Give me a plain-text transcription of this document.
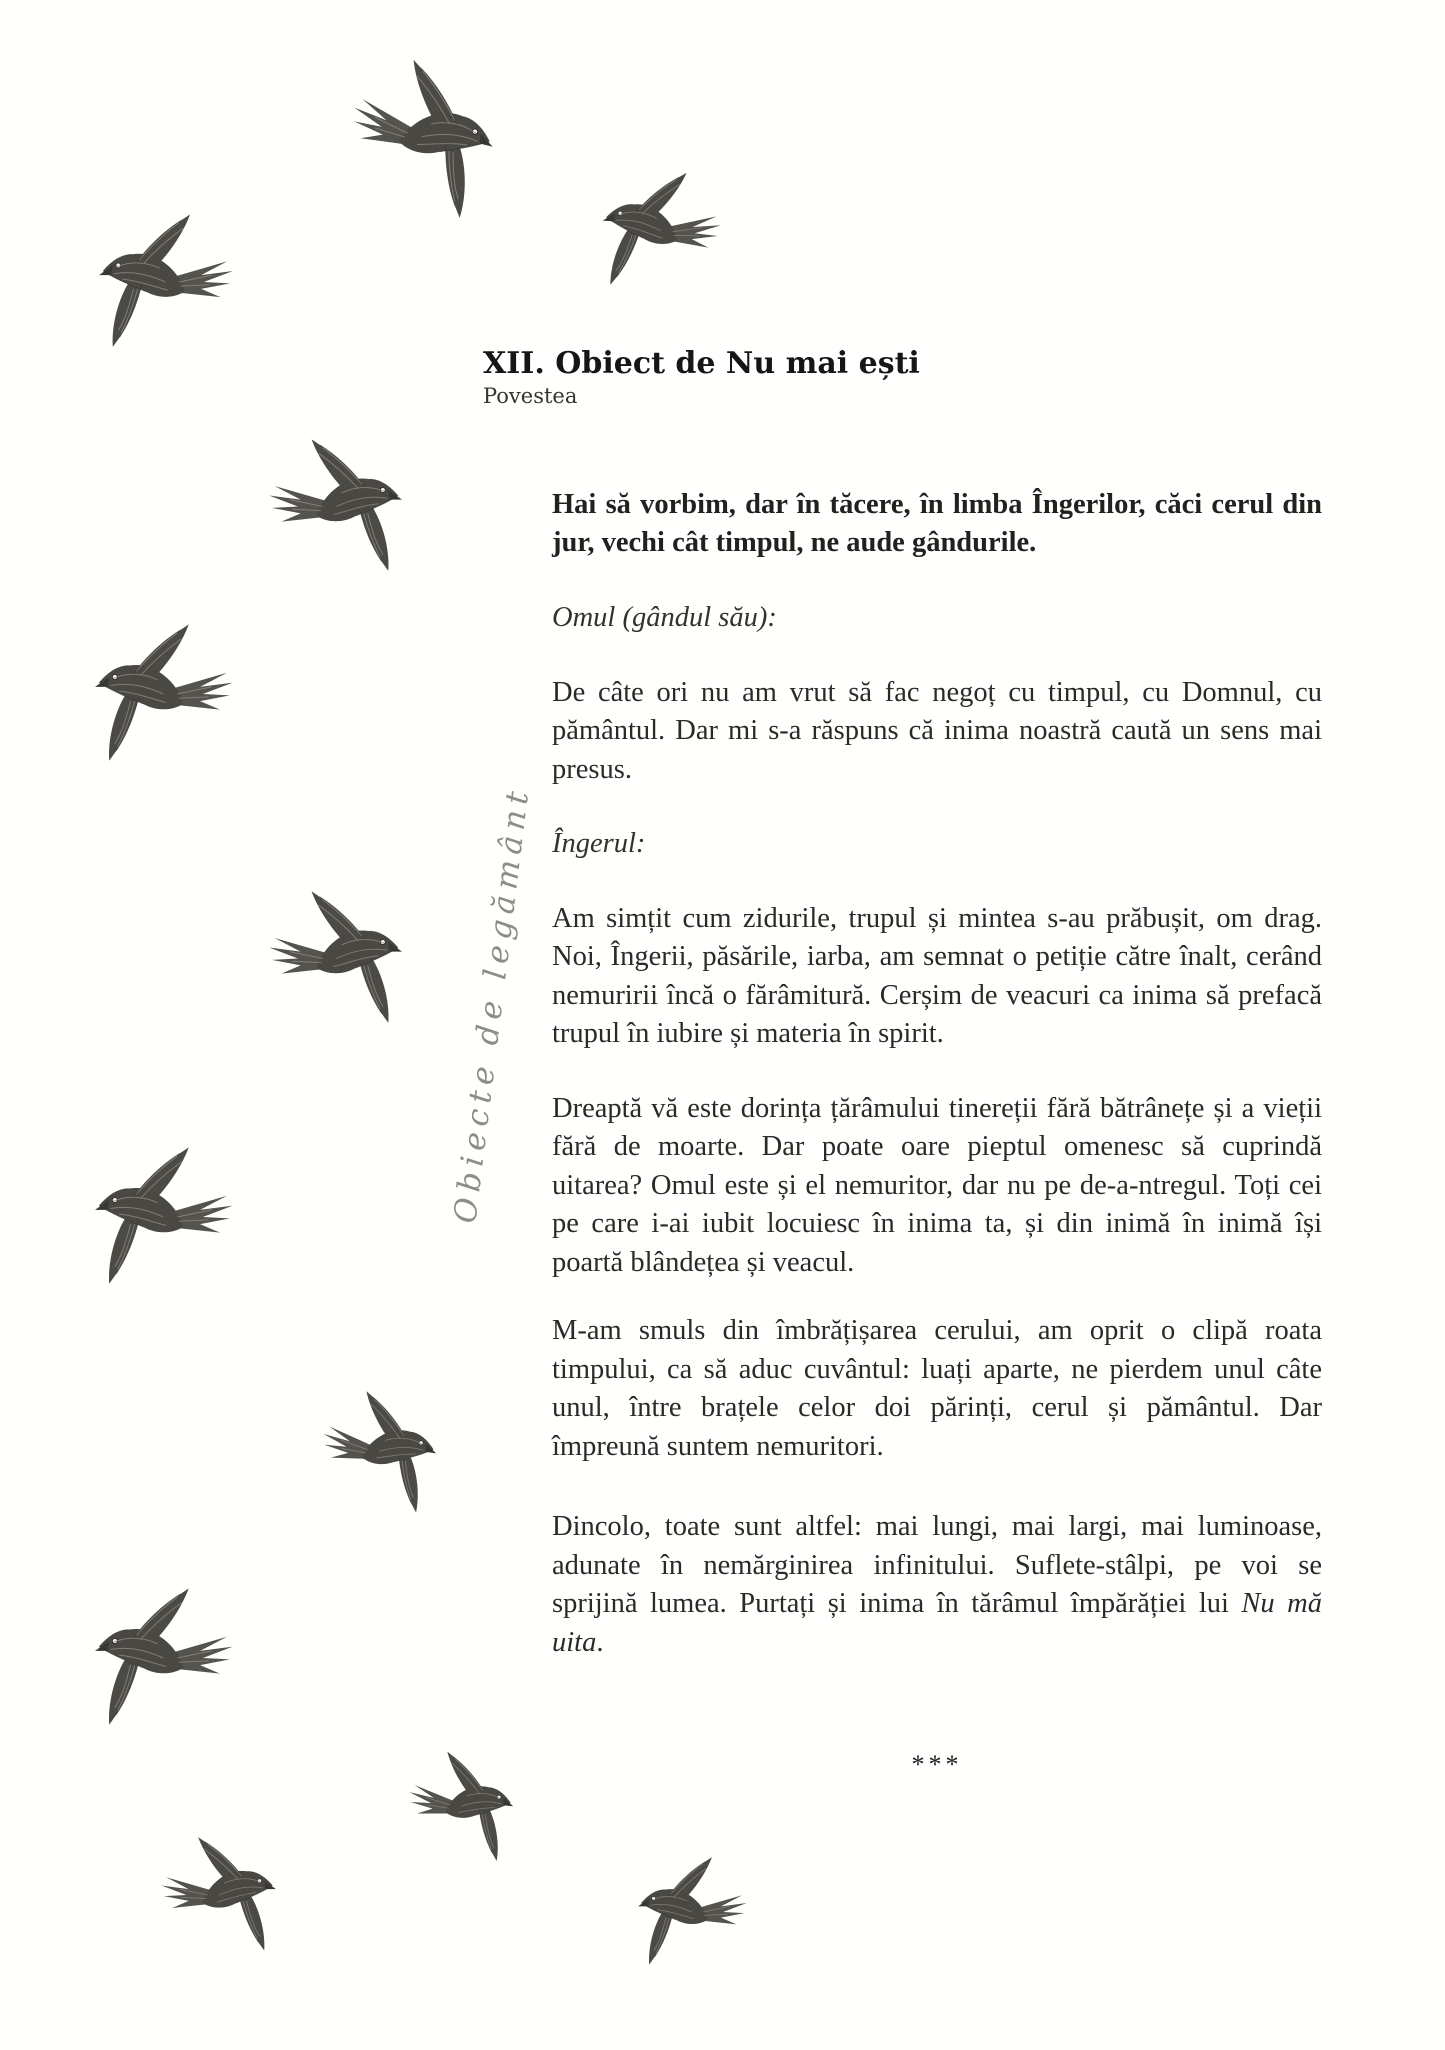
Obiecte de legământ
XII. Obiect de Nu mai ești
Povestea

Hai să vorbim, dar în tăcere, în limba Îngerilor, căci cerul din jur, vechi cât timpul, ne aude gândurile.

Omul (gândul său):

De câte ori nu am vrut să fac negoț cu timpul, cu Domnul, cu pământul. Dar mi s-a răspuns că inima noastră caută un sens mai presus.

Îngerul:

Am simțit cum zidurile, trupul și mintea s-au prăbușit, om drag. Noi, Îngerii, păsările, iarba, am semnat o petiție către înalt, cerând nemuririi încă o fărâmitură. Cerșim de veacuri ca inima să prefacă trupul în iubire și materia în spirit.

Dreaptă vă este dorința țărâmului tinereții fără bătrânețe și a vieții fără de moarte. Dar poate oare pieptul omenesc să cuprindă uitarea? Omul este și el nemuritor, dar nu pe de-a-ntregul. Toți cei pe care i-ai iubit locuiesc în inima ta, și din inimă în inimă își poartă blândețea și veacul.

M-am smuls din îmbrățișarea cerului, am oprit o clipă roata timpului, ca să aduc cuvântul: luați aparte, ne pierdem unul câte unul, între brațele celor doi părinți, cerul și pământul. Dar împreună suntem nemuritori.

Dincolo, toate sunt altfel: mai lungi, mai largi, mai luminoase, adunate în nemărginirea infinitului. Suflete-stâlpi, pe voi se sprijină lumea. Purtați și inima în tărâmul împărăției lui Nu mă uita.

***
